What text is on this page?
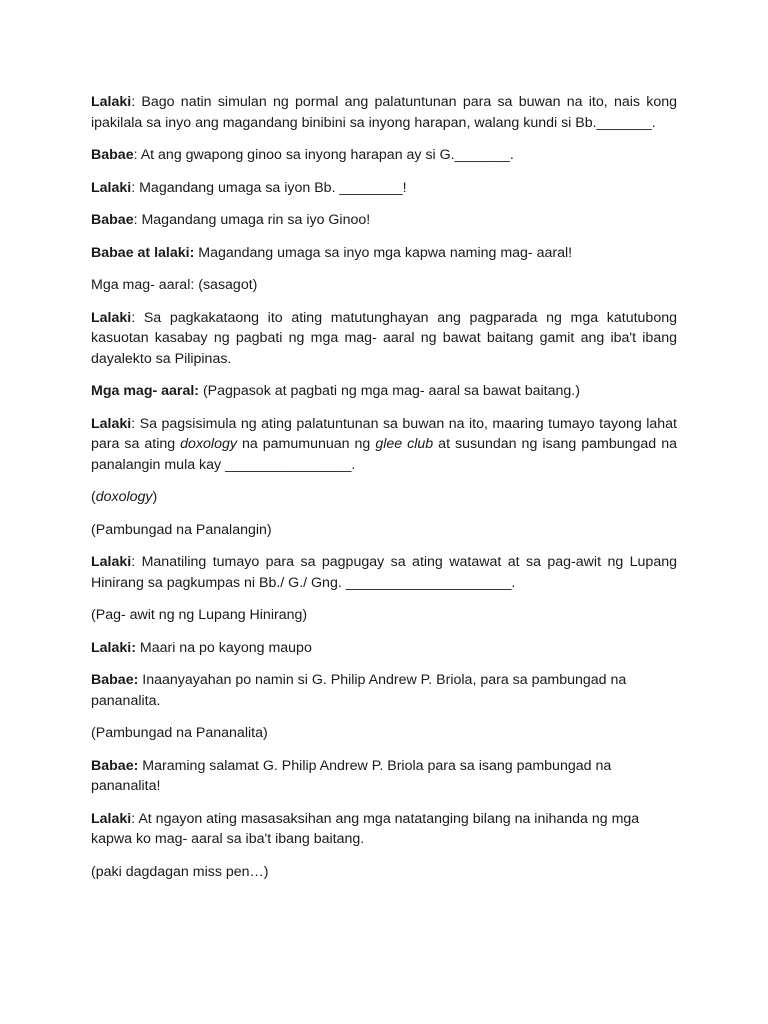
Lalaki: Bago natin simulan ng pormal ang palatuntunan para sa buwan na ito, nais kong ipakilala sa inyo ang magandang binibini sa inyong harapan, walang kundi si Bb._______.

Babae: At ang gwapong ginoo sa inyong harapan ay si G._______.

Lalaki: Magandang umaga sa iyon Bb. ________!

Babae: Magandang umaga rin sa iyo Ginoo!

Babae at lalaki: Magandang umaga sa inyo mga kapwa naming mag- aaral!

Mga mag- aaral: (sasagot)

Lalaki: Sa pagkakataong ito ating matutunghayan ang pagparada ng mga katutubong kasuotan kasabay ng pagbati ng mga mag- aaral ng bawat baitang gamit ang iba't ibang dayalekto sa Pilipinas.

Mga mag- aaral: (Pagpasok at pagbati ng mga mag- aaral sa bawat baitang.)

Lalaki: Sa pagsisimula ng ating palatuntunan sa buwan na ito, maaring tumayo tayong lahat para sa ating doxology na pamumunuan ng glee club at susundan ng isang pambungad na panalangin mula kay ________________.

(doxology)

(Pambungad na Panalangin)

Lalaki: Manatiling tumayo para sa pagpugay sa ating watawat at sa pag-awit ng Lupang Hinirang sa pagkumpas ni Bb./ G./ Gng. _____________________.

(Pag- awit ng ng Lupang Hinirang)

Lalaki: Maari na po kayong maupo

Babae: Inaanyayahan po namin si G. Philip Andrew P. Briola, para sa pambungad na pananalita.

(Pambungad na Pananalita)

Babae: Maraming salamat G. Philip Andrew P. Briola para sa isang pambungad na pananalita!

Lalaki: At ngayon ating masasaksihan ang mga natatanging bilang na inihanda ng mga kapwa ko mag- aaral sa iba't ibang baitang.

(paki dagdagan miss pen…)
